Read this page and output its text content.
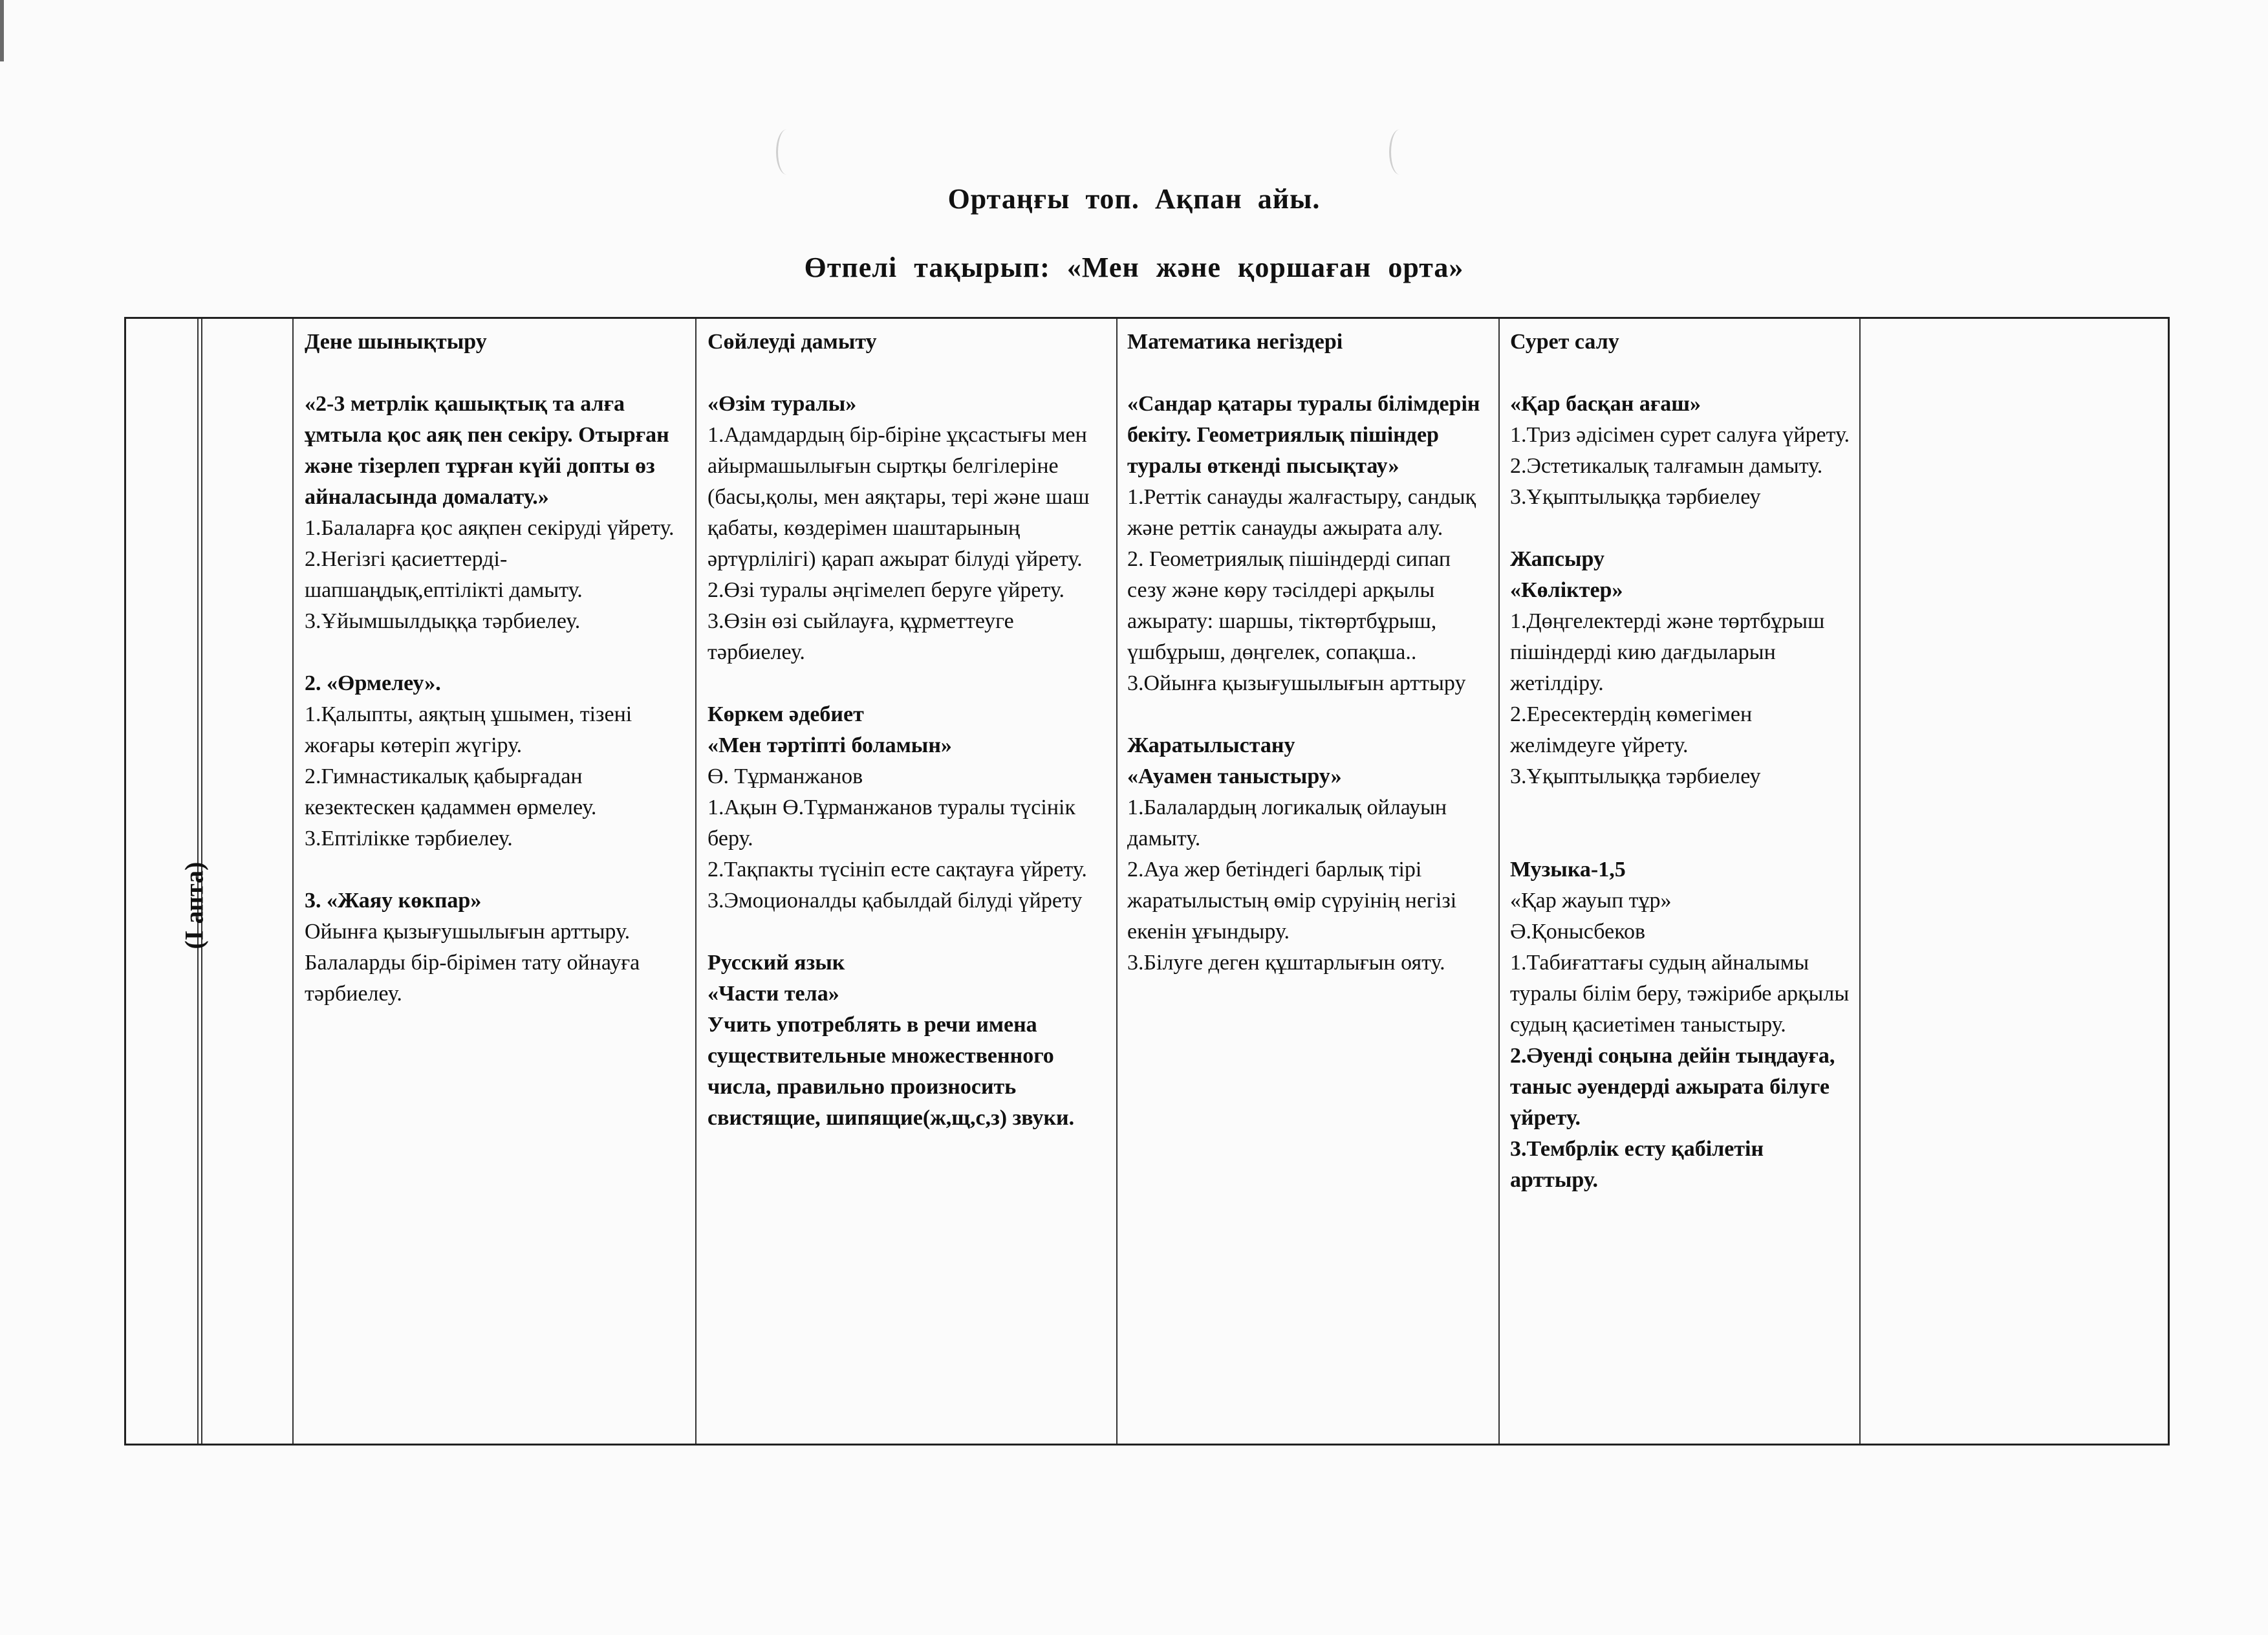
Ортаңғы топ. Ақпан айы.
Өтпелі тақырып: «Мен және қоршаған орта»

Дене шынықтыру

«2-3 метрлік қашықтық та алға ұмтыла қос аяқ пен секіру. Отырған және тізерлеп тұрған күйі допты өз айналасында домалату.»

1.Балаларға қос аяқпен секіруді үйрету.

2.Негізгі қасиеттерді-шапшаңдық,ептілікті дамыту.

3.Ұйымшылдыққа тәрбиелеу.

2. «Өрмелеу».

1.Қалыпты, аяқтың ұшымен, тізені жоғары көтеріп жүгіру.

2.Гимнастикалық қабырғадан кезектескен қадаммен өрмелеу.

3.Ептілікке тәрбиелеу.

3. «Жаяу көкпар»

Ойынға қызығушылығын арттыру. Балаларды бір-бірімен тату ойнауға тәрбиелеу.

Сөйлеуді дамыту

«Өзім туралы»

1.Адамдардың бір-біріне ұқсастығы мен айырмашылығын сыртқы белгілеріне (басы,қолы, мен аяқтары, тері және шаш қабаты, көздерімен шаштарының әртүрлілігі) қарап ажырат білуді үйрету.

2.Өзі туралы әңгімелеп беруге үйрету.

3.Өзін өзі сыйлауға, құрметтеуге тәрбиелеу.

Көркем әдебиет

«Мен тәртіпті боламын»

Ө. Тұрманжанов

1.Ақын Ө.Тұрманжанов туралы түсінік беру.

2.Тақпакты түсініп есте сақтауға үйрету.

3.Эмоционалды қабылдай білуді үйрету

Русский язык

«Части тела»

Учить употреблять в речи имена существительные множественного числа, правильно произносить свистящие, шипящие(ж,щ,с,з) звуки.

Математика негіздері

«Сандар қатары туралы білімдерін бекіту. Геометриялық пішіндер туралы өткенді пысықтау»

1.Реттік санауды жалғастыру, сандық және реттік санауды ажырата алу.

2. Геометриялық пішіндерді сипап сезу және көру тәсілдері арқылы ажырату: шаршы, тіктөртбұрыш, үшбұрыш, дөңгелек, сопақша.. 3.Ойынға қызығушылығын арттыру

Жаратылыстану

«Ауамен таныстыру»

1.Балалардың логикалық ойлауын дамыту.

2.Ауа жер бетіндегі барлық тірі жаратылыстың өмір сүруінің негізі екенін ұғындыру.

3.Білуге деген құштарлығын ояту.

Сурет салу

«Қар басқан ағаш»

1.Триз әдісімен сурет салуға үйрету.

2.Эстетикалық талғамын дамыту.

3.Ұқыптылыққа тәрбиелеу

Жапсыру

«Көліктер»

1.Дөңгелектерді және төртбұрыш пішіндерді кию дағдыларын жетілдіру.

2.Ересектердің көмегімен желімдеуге үйрету.

3.Ұқыптылыққа тәрбиелеу

Музыка-1,5

«Қар жауып тұр»

Ә.Қонысбеков

1.Табиғаттағы судың айналымы туралы білім беру, тәжірибе арқылы судың қасиетімен таныстыру.

2.Әуенді соңына дейін тыңдауға, таныс әуендерді ажырата білуге үйрету.

3.Тембрлік есту қабілетін арттыру.

(I апта)
